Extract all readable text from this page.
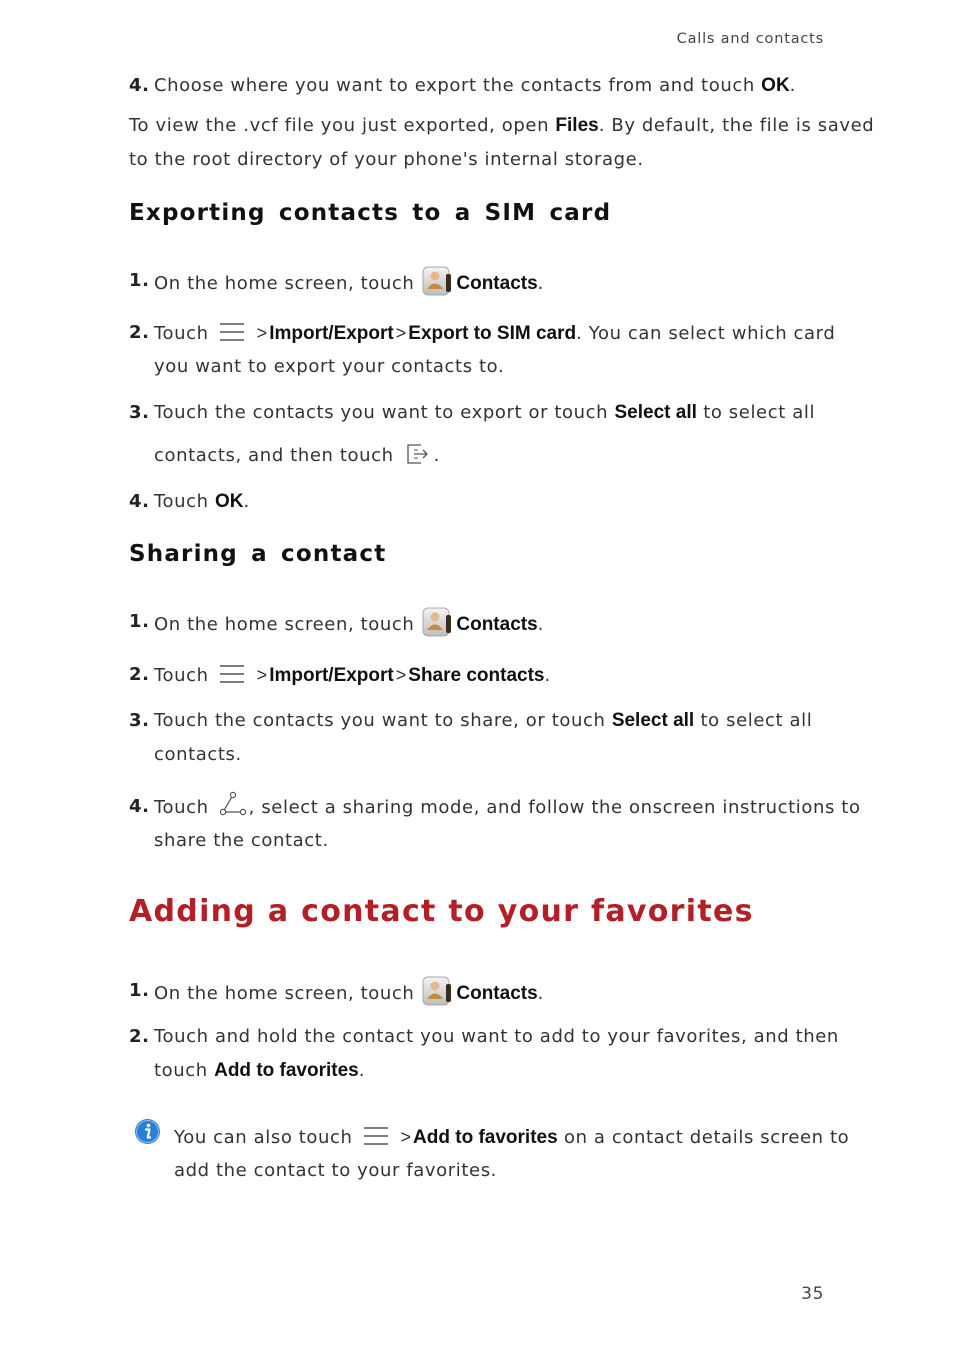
Calls and contacts
35
4. Choose where you want to export the contacts from and touch OK.
To view the .vcf file you just exported, open Files. By default, the file is saved
to the root directory of your phone's internal storage.
Exporting contacts to a SIM card
1. On the home screen, touch Contacts.
2. Touch	> Import/Export > Export to SIM card. You can select which card
you want to export your contacts to.
3. Touch the contacts you want to export or touch Select all to select all
contacts, and then touch .
4. Touch OK.
Sharing a contact
1. On the home screen, touch Contacts.
2. Touch	> Import/Export > Share contacts.
3. Touch the contacts you want to share, or touch Select all to select all
contacts.
4. Touch , select a sharing mode, and follow the onscreen instructions to
share the contact.
Adding a contact to your favorites
1. On the home screen, touch Contacts.
2. Touch and hold the contact you want to add to your favorites, and then
touch Add to favorites.
You can also touch	> Add to favorites on a contact details screen to
add the contact to your favorites.
